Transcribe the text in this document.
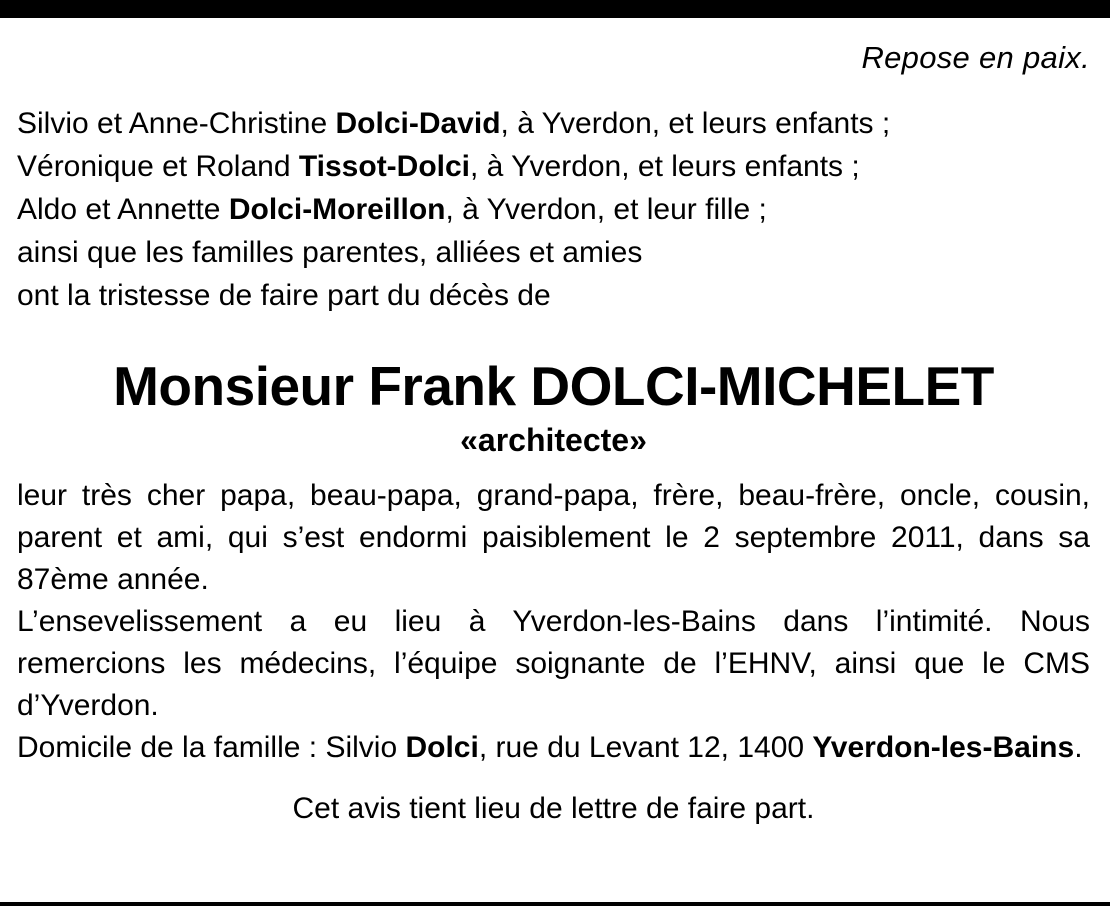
Repose en paix.
Silvio et Anne-Christine Dolci-David, à Yverdon, et leurs enfants ;
Véronique et Roland Tissot-Dolci, à Yverdon, et leurs enfants ;
Aldo et Annette Dolci-Moreillon, à Yverdon, et leur fille ;
ainsi que les familles parentes, alliées et amies
ont la tristesse de faire part du décès de
Monsieur Frank DOLCI-MICHELET
«architecte»
leur très cher papa, beau-papa, grand-papa, frère, beau-frère, oncle, cousin, parent et ami, qui s’est endormi paisiblement le 2 septembre 2011, dans sa 87ème année.
L’ensevelissement a eu lieu à Yverdon-les-Bains dans l’intimité. Nous remercions les médecins, l’équipe soignante de l’EHNV, ainsi que le CMS d’Yverdon.
Domicile de la famille : Silvio Dolci, rue du Levant 12, 1400 Yverdon-les-Bains.
Cet avis tient lieu de lettre de faire part.
